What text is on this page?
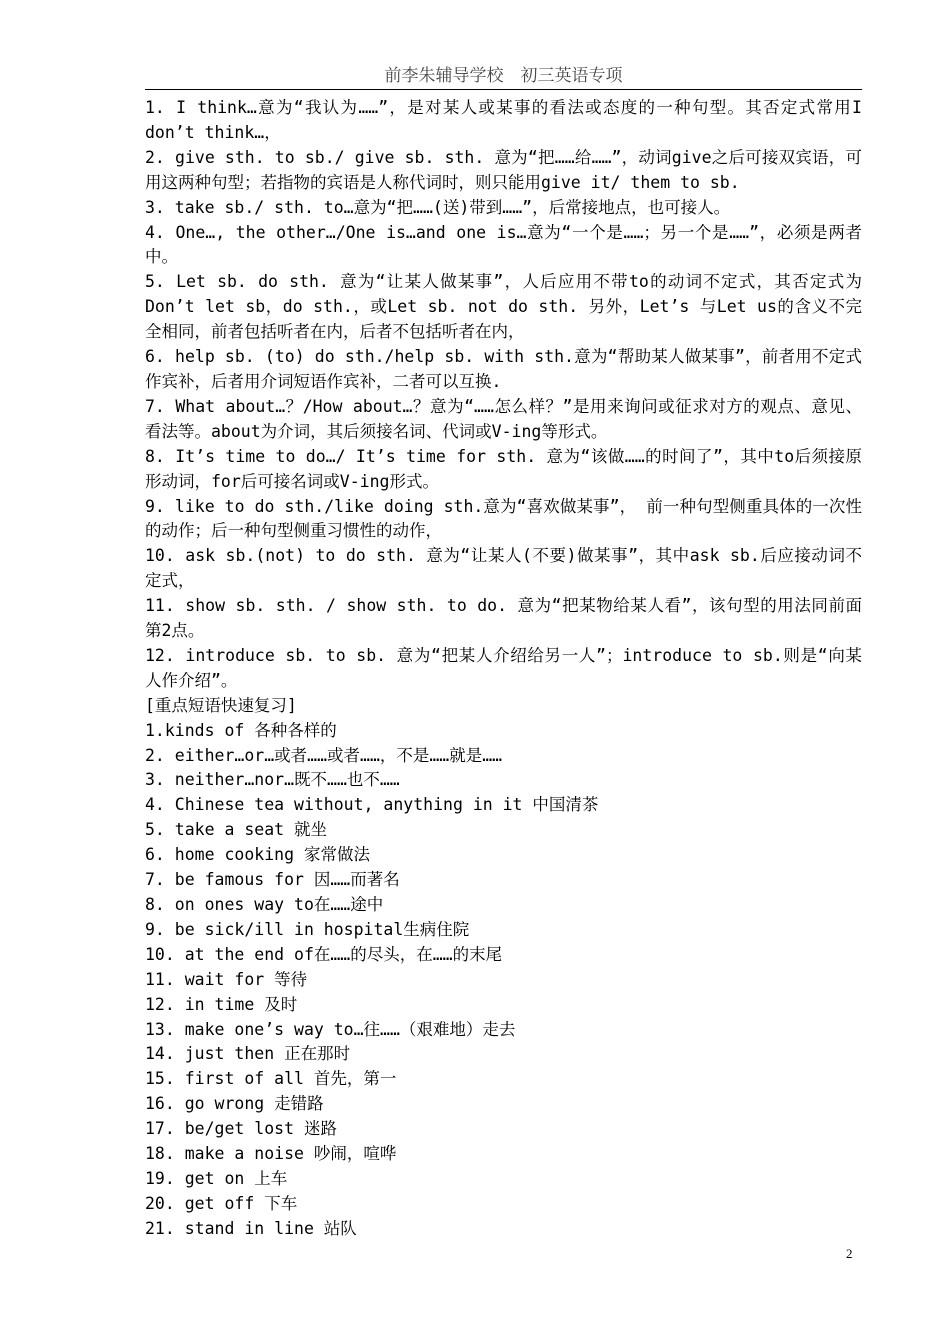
前李朱辅导学校　初三英语专项

1. I think…意为“我认为……”，是对某人或某事的看法或态度的一种句型。其否定式常用I don’t think…，

2. give sth. to sb./ give sb. sth. 意为“把……给……”，动词give之后可接双宾语，可用这两种句型；若指物的宾语是人称代词时，则只能用give it/ them to sb.

3. take sb./ sth. to…意为“把……(送)带到……”，后常接地点，也可接人。

4. One…, the other…/One is…and one is…意为“一个是……；另一个是……”，必须是两者中。

5. Let sb. do sth. 意为“让某人做某事”，人后应用不带to的动词不定式，其否定式为Don’t let sb，do sth.，或Let sb. not do sth. 另外，Let’s 与Let us的含义不完全相同，前者包括听者在内，后者不包括听者在内，

6. help sb. (to) do sth./help sb. with sth.意为“帮助某人做某事”，前者用不定式作宾补，后者用介词短语作宾补，二者可以互换.

7. What about…？/How about…？意为“……怎么样？”是用来询问或征求对方的观点、意见、看法等。about为介词，其后须接名词、代词或V-ing等形式。

8. It’s time to do…/ It’s time for sth. 意为“该做……的时间了”，其中to后须接原形动词，for后可接名词或V-ing形式。

9. like to do sth./like doing sth.意为“喜欢做某事”， 前一种句型侧重具体的一次性的动作；后一种句型侧重习惯性的动作，

10. ask sb.(not) to do sth. 意为“让某人(不要)做某事”，其中ask sb.后应接动词不定式，

11. show sb. sth. / show sth. to do. 意为“把某物给某人看”，该句型的用法同前面第2点。

12. introduce sb. to sb. 意为“把某人介绍给另一人”；introduce to sb.则是“向某人作介绍”。

[重点短语快速复习]

1.kinds of 各种各样的

2. either…or…或者……或者……，不是……就是……

3. neither…nor…既不……也不……

4. Chinese tea without, anything in it 中国清茶

5. take a seat 就坐

6. home cooking 家常做法

7. be famous for 因……而著名

8. on ones way to在……途中

9. be sick/ill in hospital生病住院

10. at the end of在……的尽头，在……的末尾

11. wait for 等待

12. in time 及时

13. make one’s way to…往……（艰难地）走去

14. just then 正在那时

15. first of all 首先，第一

16. go wrong 走错路

17. be/get lost 迷路

18. make a noise 吵闹，喧哗

19. get on 上车

20. get off 下车

21. stand in line 站队

2
